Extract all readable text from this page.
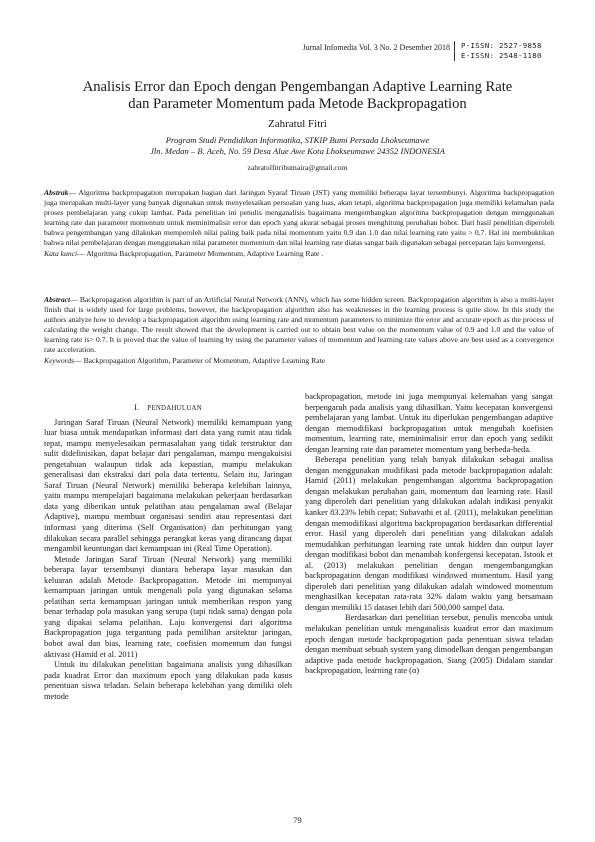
Jurnal Infomedia Vol. 3 No. 2 Desember 2018 P-ISSN: 2527-9858
E-ISSN: 2548-1180
Analisis Error dan Epoch dengan Pengembangan Adaptive Learning Rate
dan Parameter Momentum pada Metode Backpropagation
Zahratul Fitri
Program Studi Pendidikan Informatika, STKIP Bumi Persada Lhokseumawe
Jln. Medan – B. Aceh, No. 59 Desa Alue Awe Kota Lhokseumawe 24352 INDONESIA
zahratulfitrihumaira@gmail.com
Abstrak— Algoritma backpropagation merupakan bagian dari Jaringan Syaraf Tiruan (JST) yang memiliki beberapa layar tersembunyi. Algoritma backpropagation juga merupakan multi-layer yang banyak digunakan untuk menyelesaikan persoalan yang luas, akan tetapi, algoritma backpropagation juga memiliki kelamahan pada proses pembelajaran yang cukup lambat. Pada penelitian ini penulis menganalisis bagaimana mengembangkan algoritma backpropagation dengan menggunakan learning rate dan parameter momentum untuk meminimalisir error dan epoch yang akurat sebagai proses menghitung perubahan bobot. Dari hasil penelitian diperoleh bahwa pengembangan yang dilakukan memperoleh nilai paling baik pada nilai momentum yaitu 0.9 dan 1.0 dan nilai learning rate yaitu > 0.7. Hal ini membuktikan bahwa nilai pembelajaran dengan menggunakan nilai parameter momentum dan nilai learning rate diatas sangat baik digunakan sebagai percepatan laju konvergensi.
Kata kunci— Algoritma Backpropagation, Parameter Momentum, Adaptive Learning Rate .
Abstract— Backpropagation algorithm is part of an Artificial Neural Network (ANN), which has some hidden screen. Backpropagation algorithm is also a multi-layer finish that is widely used for large problems, however, the backpropagation algorithm also has weaknesses in the learning process is quite slow. In this study the authors analyze how to develop a backpropagation algorithm using learning rate and momentum parameters to minimize the error and accurate epoch as the process of calculating the weight change. The result showed that the development is carried out to obtain best value on the momentum value of 0.9 and 1.0 and the value of learning rate is> 0.7. It is proved that the value of learning by using the parameter values of momentum and learning rate values above are best used as a convergence rate acceleration.
Keywords— Backpropagation Algorithm, Parameter of Momentum, Adaptive Learning Rate
I. PENDAHULUAN

Jaringan Saraf Tiruan (Neural Network) memiliki kemampuan yang luar biasa untuk mendapatkan informasi dari data yang rumit atau tidak tepat, mampu menyelesaikan permasalahan yang tidak terstruktur dan sulit didefinisikan, dapat belajar dari pengalaman, mampu mengakuisisi pengetahuan walaupun tidak ada kepastian, mampu melakukan generalisasi dan ekstraksi dari pola data tertentu. Selain itu, Jaringan Saraf Tiruan (Neural Network) memiliki beberapa kelebihan lainnya, yaitu mampu mempelajari bagaimana melakukan pekerjaan berdasarkan data yang diberikan untuk pelatihan atau pengalaman awal (Belajar Adaptive), mampu membuat organisasi sendiri atau representasi dari informasi yang diterima (Self Organisation) dan perhitungan yang dilakukan secara parallel sehingga perangkat keras yang dirancang dapat mengambil keuntungan dari kemampuan ini (Real Time Operation).

Metode Jaringan Saraf Tiruan (Neural Network) yang memiliki beberapa layar tersembunyi diantara beberapa layar masukan dan keluaran adalah Metode Backpropagation. Metode ini mempunyai kemampuan jaringan untuk mengenali pola yang digunakan selama pelatihan serta kemampuan jaringan untuk memberikan respon yang benar terhadap pola masukan yang serupa (tapi tidak sama) dengan pola yang dipakai selama pelatihan. Laju konvergensi dari algoritma Backpropagation juga tergantung pada pemilihan arsitektur jaringan, bobot awal dan bias, learning rate, coefisien momentum dan fungsi aktivasi (Hamid et al. 2011)

Untuk itu dilakukan penelitian bagaimana analisis yang dihasilkan pada kuadrat Error dan maximum epoch yang dilakukan pada kasus penentuan siswa teladan. Selain beberapa kelebihan yang dimiliki oleh metode

backpropagation, metode ini juga mempunyai kelemahan yang sangat berpengaruh pada analisis yang dihasilkan. Yaitu kecepatan konvergensi pembelajaran yang lambat. Untuk itu diperlukan pengembangan adaptive dengan memodifikasi backpropagation untuk mengubah koefisien momentum, learning rate, meminimalisir error dan epoch yang sedikit dengan learning rate dan parameter momentum yang berbeda-beda.

Beberapa penelitian yang telah banyak dilakukan sebagai analisa dengan menggunakan modifikasi pada metode backpropagation adalah: Hamid (2011) melakukan pengembangan algoritma backpropagation dengan melakukan perubahan gain, momentum dan learning rate. Hasil yang diperoleh dari penelitian yang dilakukan adalah indikasi penyakit kanker 83.23% lebih cepat; Subavathi et al. (2011), melakukan penelitian dengan memodifikasi algoritma backpropagation berdasarkan differential error. Hasil yang diperoleh dari penelitian yang dilakukan adalah memudahkan perhitungan learning rate untuk hidden dan output layer dengan modifikasi bobot dan menambah konfergensi kecepatan. Istook et al. (2013) melakukan penelitian dengan mengembangangkan backpropagation dengan modifikasi windowed momentum. Hasil yang diperoleh dari penelitian yang dilakukan adalah windowed momentum menghasilkan kecepatan rata-rata 32% dalam waktu yang bersamaan dengan memiliki 15 dataset lebih dari 500,000 sampel data.

Berdasarkan dari penelitian tersebut, penulis mencoba untuk melakukan penelitian untuk menganalisis kuadrat error dan maximum epoch dengan metode backpropagation pada penentuan siswa teladan dengan membuat sebuah system yang dimodelkan dengan pengembangan adaptive pada metode backpropagation. Siang (2005) Didalam standar backpropagation, learning rate (α)

79
